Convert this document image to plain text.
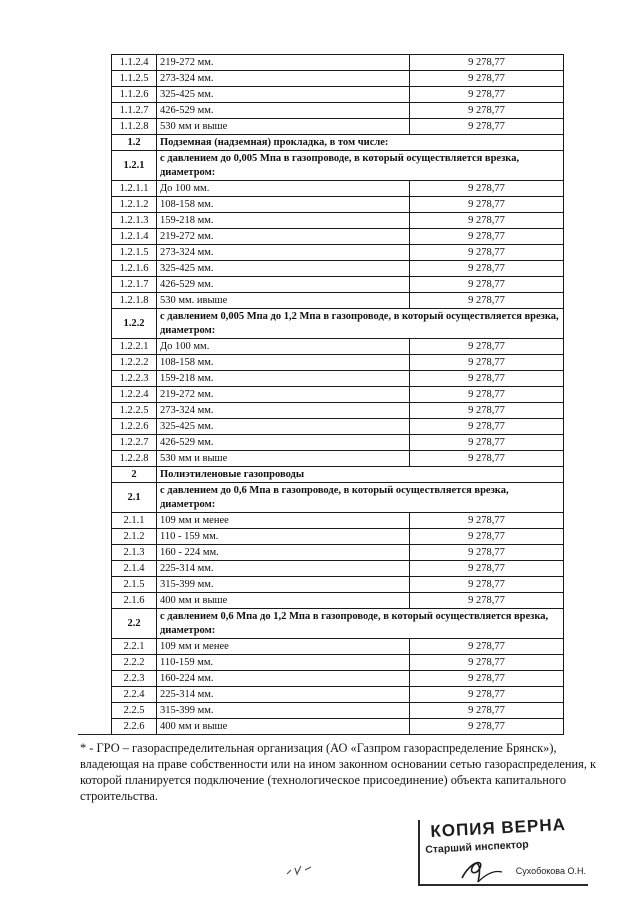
1.1.2.4	219-272 мм.	9 278,77
1.1.2.5	273-324 мм.	9 278,77
1.1.2.6	325-425 мм.	9 278,77
1.1.2.7	426-529 мм.	9 278,77
1.1.2.8	530 мм и выше	9 278,77
1.2	Подземная (надземная) прокладка, в том числе:	
1.2.1	с давлением до 0,005 Мпа в газопроводе, в который осуществляется врезка, диаметром:	
1.2.1.1	До 100 мм.	9 278,77
1.2.1.2	108-158 мм.	9 278,77
1.2.1.3	159-218 мм.	9 278,77
1.2.1.4	219-272 мм.	9 278,77
1.2.1.5	273-324 мм.	9 278,77
1.2.1.6	325-425 мм.	9 278,77
1.2.1.7	426-529 мм.	9 278,77
1.2.1.8	530 мм. ивыше	9 278,77
1.2.2	с давлением 0,005 Мпа до 1,2 Мпа в газопроводе, в который осуществляется врезка, диаметром:	
1.2.2.1	До 100 мм.	9 278,77
1.2.2.2	108-158 мм.	9 278,77
1.2.2.3	159-218 мм.	9 278,77
1.2.2.4	219-272 мм.	9 278,77
1.2.2.5	273-324 мм.	9 278,77
1.2.2.6	325-425 мм.	9 278,77
1.2.2.7	426-529 мм.	9 278,77
1.2.2.8	530 мм и выше	9 278,77
2	Полиэтиленовые газопроводы	
2.1	с давлением до 0,6 Мпа в газопроводе, в который осуществляется врезка, диаметром:	
2.1.1	109 мм и менее	9 278,77
2.1.2	110 - 159 мм.	9 278,77
2.1.3	160 - 224 мм.	9 278,77
2.1.4	225-314 мм.	9 278,77
2.1.5	315-399 мм.	9 278,77
2.1.6	400 мм и выше	9 278,77
2.2	с давлением 0,6 Мпа до 1,2 Мпа в газопроводе, в который осуществляется врезка, диаметром:	
2.2.1	109 мм и менее	9 278,77
2.2.2	110-159 мм.	9 278,77
2.2.3	160-224 мм.	9 278,77
2.2.4	225-314 мм.	9 278,77
2.2.5	315-399 мм.	9 278,77
2.2.6	400 мм и выше	9 278,77
* - ГРО – газораспределительная организация (АО «Газпром газораспределение Брянск»), владеющая на праве собственности или на ином законном основании сетью газораспределения, к которой планируется подключение (технологическое присоединение) объекта капитального строительства.
КОПИЯ ВЕРНА
Старший инспектор
Сухобокова О.Н.
